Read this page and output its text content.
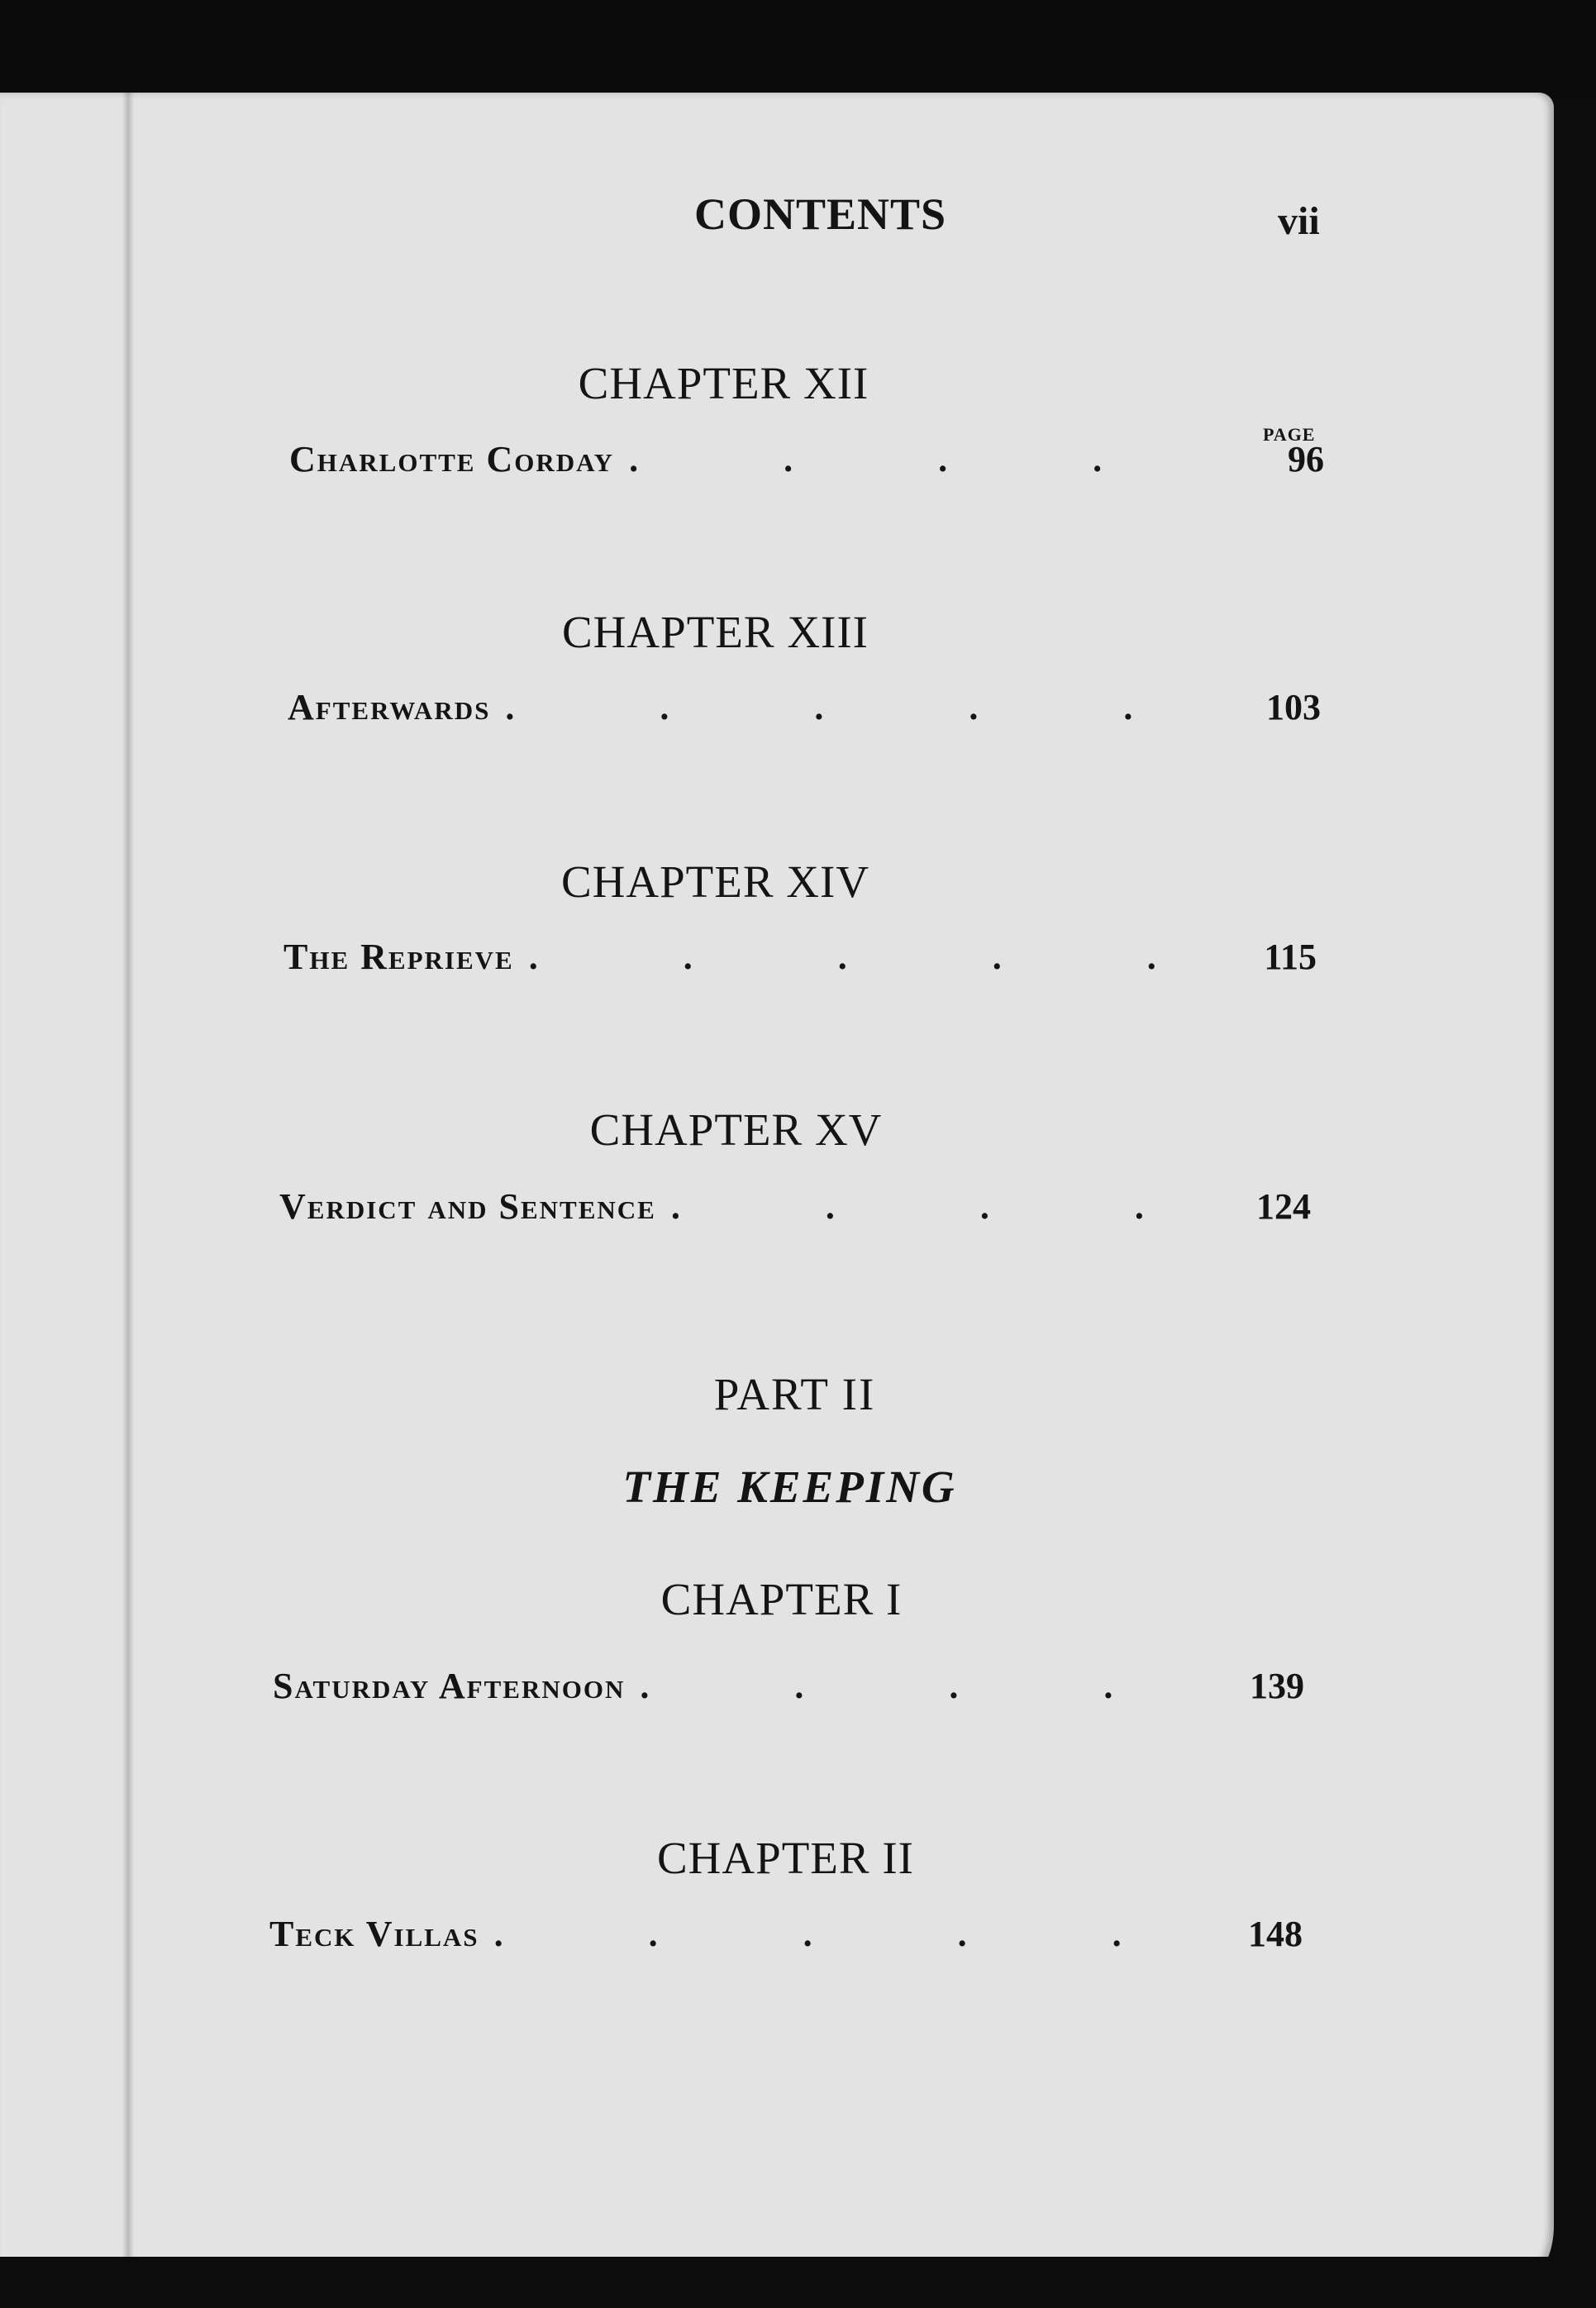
CONTENTS	vii
PAGE
CHAPTER XII
Charlotte Corday .	96
CHAPTER XIII
Afterwards .	103
CHAPTER XIV
The Reprieve .	115
CHAPTER XV
Verdict and Sentence .	124
PART II
THE KEEPING
CHAPTER I
Saturday Afternoon .	139
CHAPTER II
Teck Villas .	148
